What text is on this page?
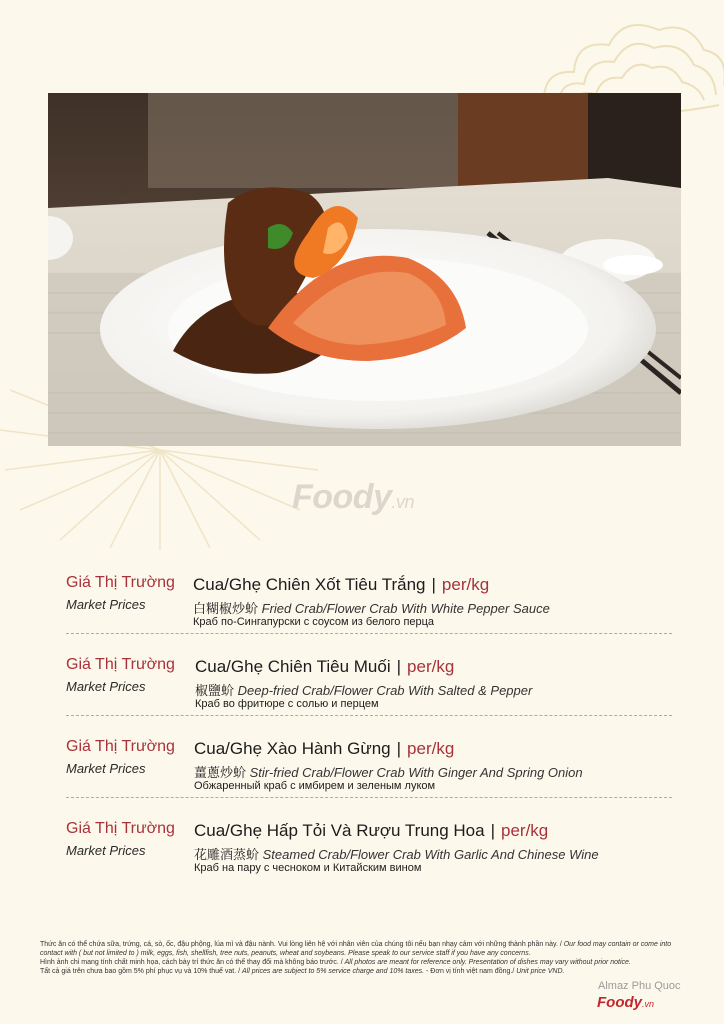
Foody.vn
Giá Thị Trường
Market Prices
Cua/Ghẹ Chiên Xốt Tiêu Trắng | per/kg
白糊椒炒蚧 Fried Crab/Flower Crab With White Pepper Sauce
Краб по-Сингапурски с соусом из белого перца
Giá Thị Trường
Market Prices
Cua/Ghẹ Chiên Tiêu Muối | per/kg
椒鹽蚧 Deep-fried Crab/Flower Crab With Salted & Pepper
Краб во фритюре с солью и перцем
Giá Thị Trường
Market Prices
Cua/Ghẹ Xào Hành Gừng | per/kg
薑蔥炒蚧 Stir-fried Crab/Flower Crab With Ginger And Spring Onion
Обжаренный краб с имбирем и зеленым луком
Giá Thị Trường
Market Prices
Cua/Ghẹ Hấp Tỏi Và Rượu Trung Hoa | per/kg
花雕酒蒸蚧 Steamed Crab/Flower Crab With Garlic And Chinese Wine
Краб на пару с чесноком и Китайским вином
Thức ăn có thể chứa sữa, trứng, cá, sò, ốc, đậu phộng, lúa mì và đậu nành. Vui lòng liên hệ với nhân viên của chúng tôi nếu bạn nhạy cảm với những thành phần này. / Our food may contain or come into contact with ( but not limited to ) milk, eggs, fish, shellfish, tree nuts, peanuts, wheat and soybeans. Please speak to our service staff if you have any concerns.
Hình ảnh chỉ mang tính chất minh họa, cách bày trí thức ăn có thể thay đổi mà không báo trước. / All photos are meant for reference only. Presentation of dishes may vary without prior notice.
Tất cả giá trên chưa bao gồm 5% phí phục vụ và 10% thuế vat. / All prices are subject to 5% service charge and 10% taxes. - Đơn vị tính việt nam đồng./ Unit price VND.
Almaz Phu Quoc
Foody.vn
